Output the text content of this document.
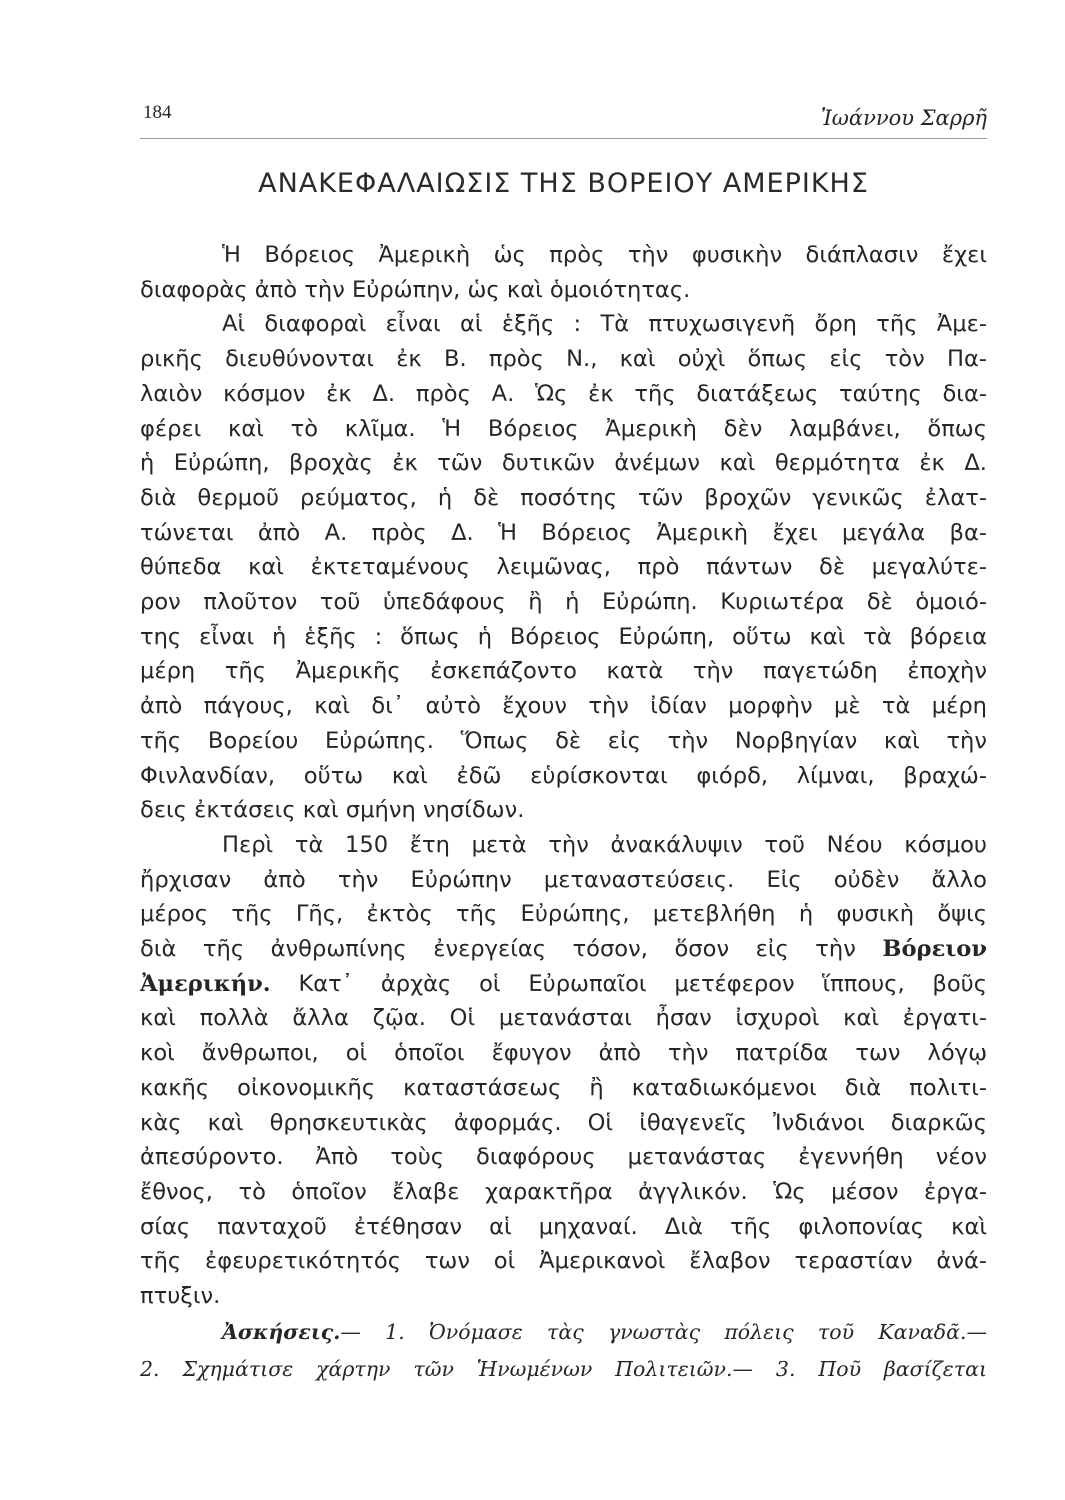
184	Ἰωάννου Σαρρῆ
ΑΝΑΚΕΦΑΛΑΙΩΣΙΣ ΤΗΣ ΒΟΡΕΙΟΥ ΑΜΕΡΙΚΗΣ
Ἡ Βόρειος Ἀμερικὴ ὡς πρὸς τὴν φυσικὴν διάπλασιν ἔχει
διαφορὰς ἀπὸ τὴν Εὐρώπην, ὡς καὶ ὁμοιότητας.
Αἱ διαφοραὶ εἶναι αἱ ἑξῆς : Τὰ πτυχωσιγενῆ ὄρη τῆς Ἀμε-
ρικῆς διευθύνονται ἐκ Β. πρὸς Ν., καὶ οὐχὶ ὅπως εἰς τὸν Πα-
λαιὸν κόσμον ἐκ Δ. πρὸς Α. Ὡς ἐκ τῆς διατάξεως ταύτης δια-
φέρει καὶ τὸ κλῖμα. Ἡ Βόρειος Ἀμερικὴ δὲν λαμβάνει, ὅπως
ἡ Εὐρώπη, βροχὰς ἐκ τῶν δυτικῶν ἀνέμων καὶ θερμότητα ἐκ Δ.
διὰ θερμοῦ ρεύματος, ἡ δὲ ποσότης τῶν βροχῶν γενικῶς ἐλατ-
τώνεται ἀπὸ Α. πρὸς Δ. Ἡ Βόρειος Ἀμερικὴ ἔχει μεγάλα βα-
θύπεδα καὶ ἐκτεταμένους λειμῶνας, πρὸ πάντων δὲ μεγαλύτε-
ρον πλοῦτον τοῦ ὑπεδάφους ἢ ἡ Εὐρώπη. Κυριωτέρα δὲ ὁμοιό-
της εἶναι ἡ ἑξῆς : ὅπως ἡ Βόρειος Εὐρώπη, οὕτω καὶ τὰ βόρεια
μέρη τῆς Ἀμερικῆς ἐσκεπάζοντο κατὰ τὴν παγετώδη ἐποχὴν
ἀπὸ πάγους, καὶ δι᾽ αὐτὸ ἔχουν τὴν ἰδίαν μορφὴν μὲ τὰ μέρη
τῆς Βορείου Εὐρώπης. Ὅπως δὲ εἰς τὴν Νορβηγίαν καὶ τὴν
Φινλανδίαν, οὕτω καὶ ἐδῶ εὑρίσκονται φιόρδ, λίμναι, βραχώ-
δεις ἐκτάσεις καὶ σμήνη νησίδων.
Περὶ τὰ 150 ἔτη μετὰ τὴν ἀνακάλυψιν τοῦ Νέου κόσμου
ἤρχισαν ἀπὸ τὴν Εὐρώπην μεταναστεύσεις. Εἰς οὐδὲν ἄλλο
μέρος τῆς Γῆς, ἐκτὸς τῆς Εὐρώπης, μετεβλήθη ἡ φυσικὴ ὄψις
διὰ τῆς ἀνθρωπίνης ἐνεργείας τόσον, ὅσον εἰς τὴν Βόρειον
Ἀμερικήν. Κατ᾽ ἀρχὰς οἱ Εὐρωπαῖοι μετέφερον ἵππους, βοῦς
καὶ πολλὰ ἄλλα ζῷα. Οἱ μετανάσται ἦσαν ἰσχυροὶ καὶ ἐργατι-
κοὶ ἄνθρωποι, οἱ ὁποῖοι ἔφυγον ἀπὸ τὴν πατρίδα των λόγῳ
κακῆς οἰκονομικῆς καταστάσεως ἢ καταδιωκόμενοι διὰ πολιτι-
κὰς καὶ θρησκευτικὰς ἀφορμάς. Οἱ ἰθαγενεῖς Ἰνδιάνοι διαρκῶς
ἀπεσύροντο. Ἀπὸ τοὺς διαφόρους μετανάστας ἐγεννήθη νέον
ἔθνος, τὸ ὁποῖον ἔλαβε χαρακτῆρα ἀγγλικόν. Ὡς μέσον ἐργα-
σίας πανταχοῦ ἐτέθησαν αἱ μηχαναί. Διὰ τῆς φιλοπονίας καὶ
τῆς ἐφευρετικότητός των οἱ Ἀμερικανοὶ ἔλαβον τεραστίαν ἀνά-
πτυξιν.
Ἀσκήσεις.— 1. Ὀνόμασε τὰς γνωστὰς πόλεις τοῦ Καναδᾶ.—
2. Σχημάτισε χάρτην τῶν Ἡνωμένων Πολιτειῶν.— 3. Ποῦ βασίζεται
